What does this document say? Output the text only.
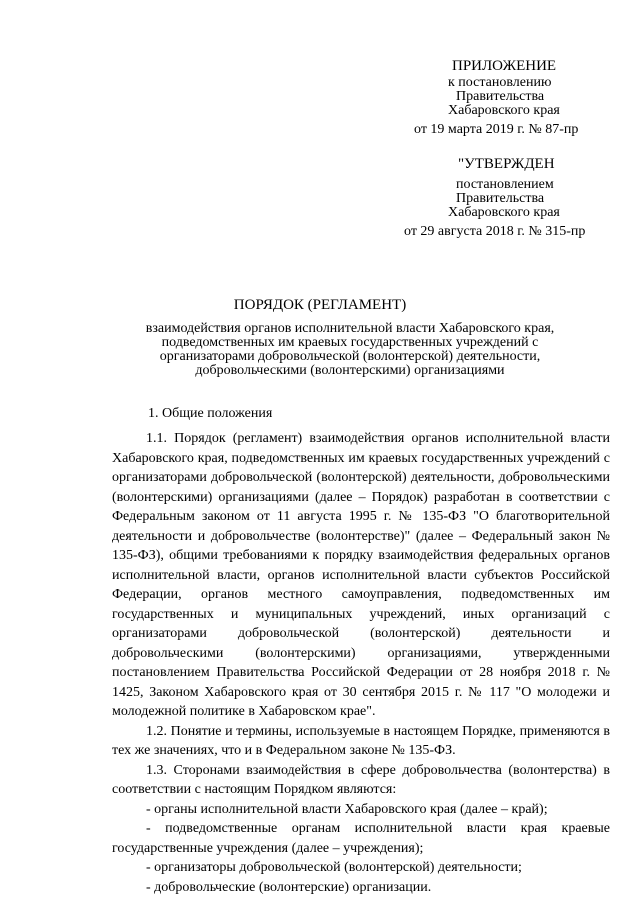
ПРИЛОЖЕНИЕ
к постановлению
Правительства
Хабаровского края
от 19 марта 2019 г. № 87-пр
"УТВЕРЖДЕН
постановлением
Правительства
Хабаровского края
от 29 августа 2018 г. № 315-пр
ПОРЯДОК (РЕГЛАМЕНТ)
взаимодействия органов исполнительной власти Хабаровского края, подведомственных им краевых государственных учреждений с организаторами добровольческой (волонтерской) деятельности, добровольческими (волонтерскими) организациями
1. Общие положения

1.1. Порядок (регламент) взаимодействия органов исполнительной власти Хабаровского края, подведомственных им краевых государственных учреждений с организаторами добровольческой (волонтерской) деятельности, добровольческими (волонтерскими) организациями (далее – Порядок) разработан в соответствии с Федеральным законом от 11 августа 1995 г. № 135-ФЗ "О благотворительной деятельности и добровольчестве (волонтерстве)" (далее – Федеральный закон № 135-ФЗ), общими требованиями к порядку взаимодействия федеральных органов исполнительной власти, органов исполнительной власти субъектов Российской Федерации, органов местного самоуправления, подведомственных им государственных и муниципальных учреждений, иных организаций с организаторами добровольческой (волонтерской) деятельности и добровольческими (волонтерскими) организациями, утвержденными постановлением Правительства Российской Федерации от 28 ноября 2018 г. № 1425, Законом Хабаровского края от 30 сентября 2015 г. № 117 "О молодежи и молодежной политике в Хабаровском крае".

1.2. Понятие и термины, используемые в настоящем Порядке, применяются в тех же значениях, что и в Федеральном законе № 135-ФЗ.

1.3. Сторонами взаимодействия в сфере добровольчества (волонтерства) в соответствии с настоящим Порядком являются:

- органы исполнительной власти Хабаровского края (далее – край);

- подведомственные органам исполнительной власти края краевые государственные учреждения (далее – учреждения);

- организаторы добровольческой (волонтерской) деятельности;

- добровольческие (волонтерские) организации.
